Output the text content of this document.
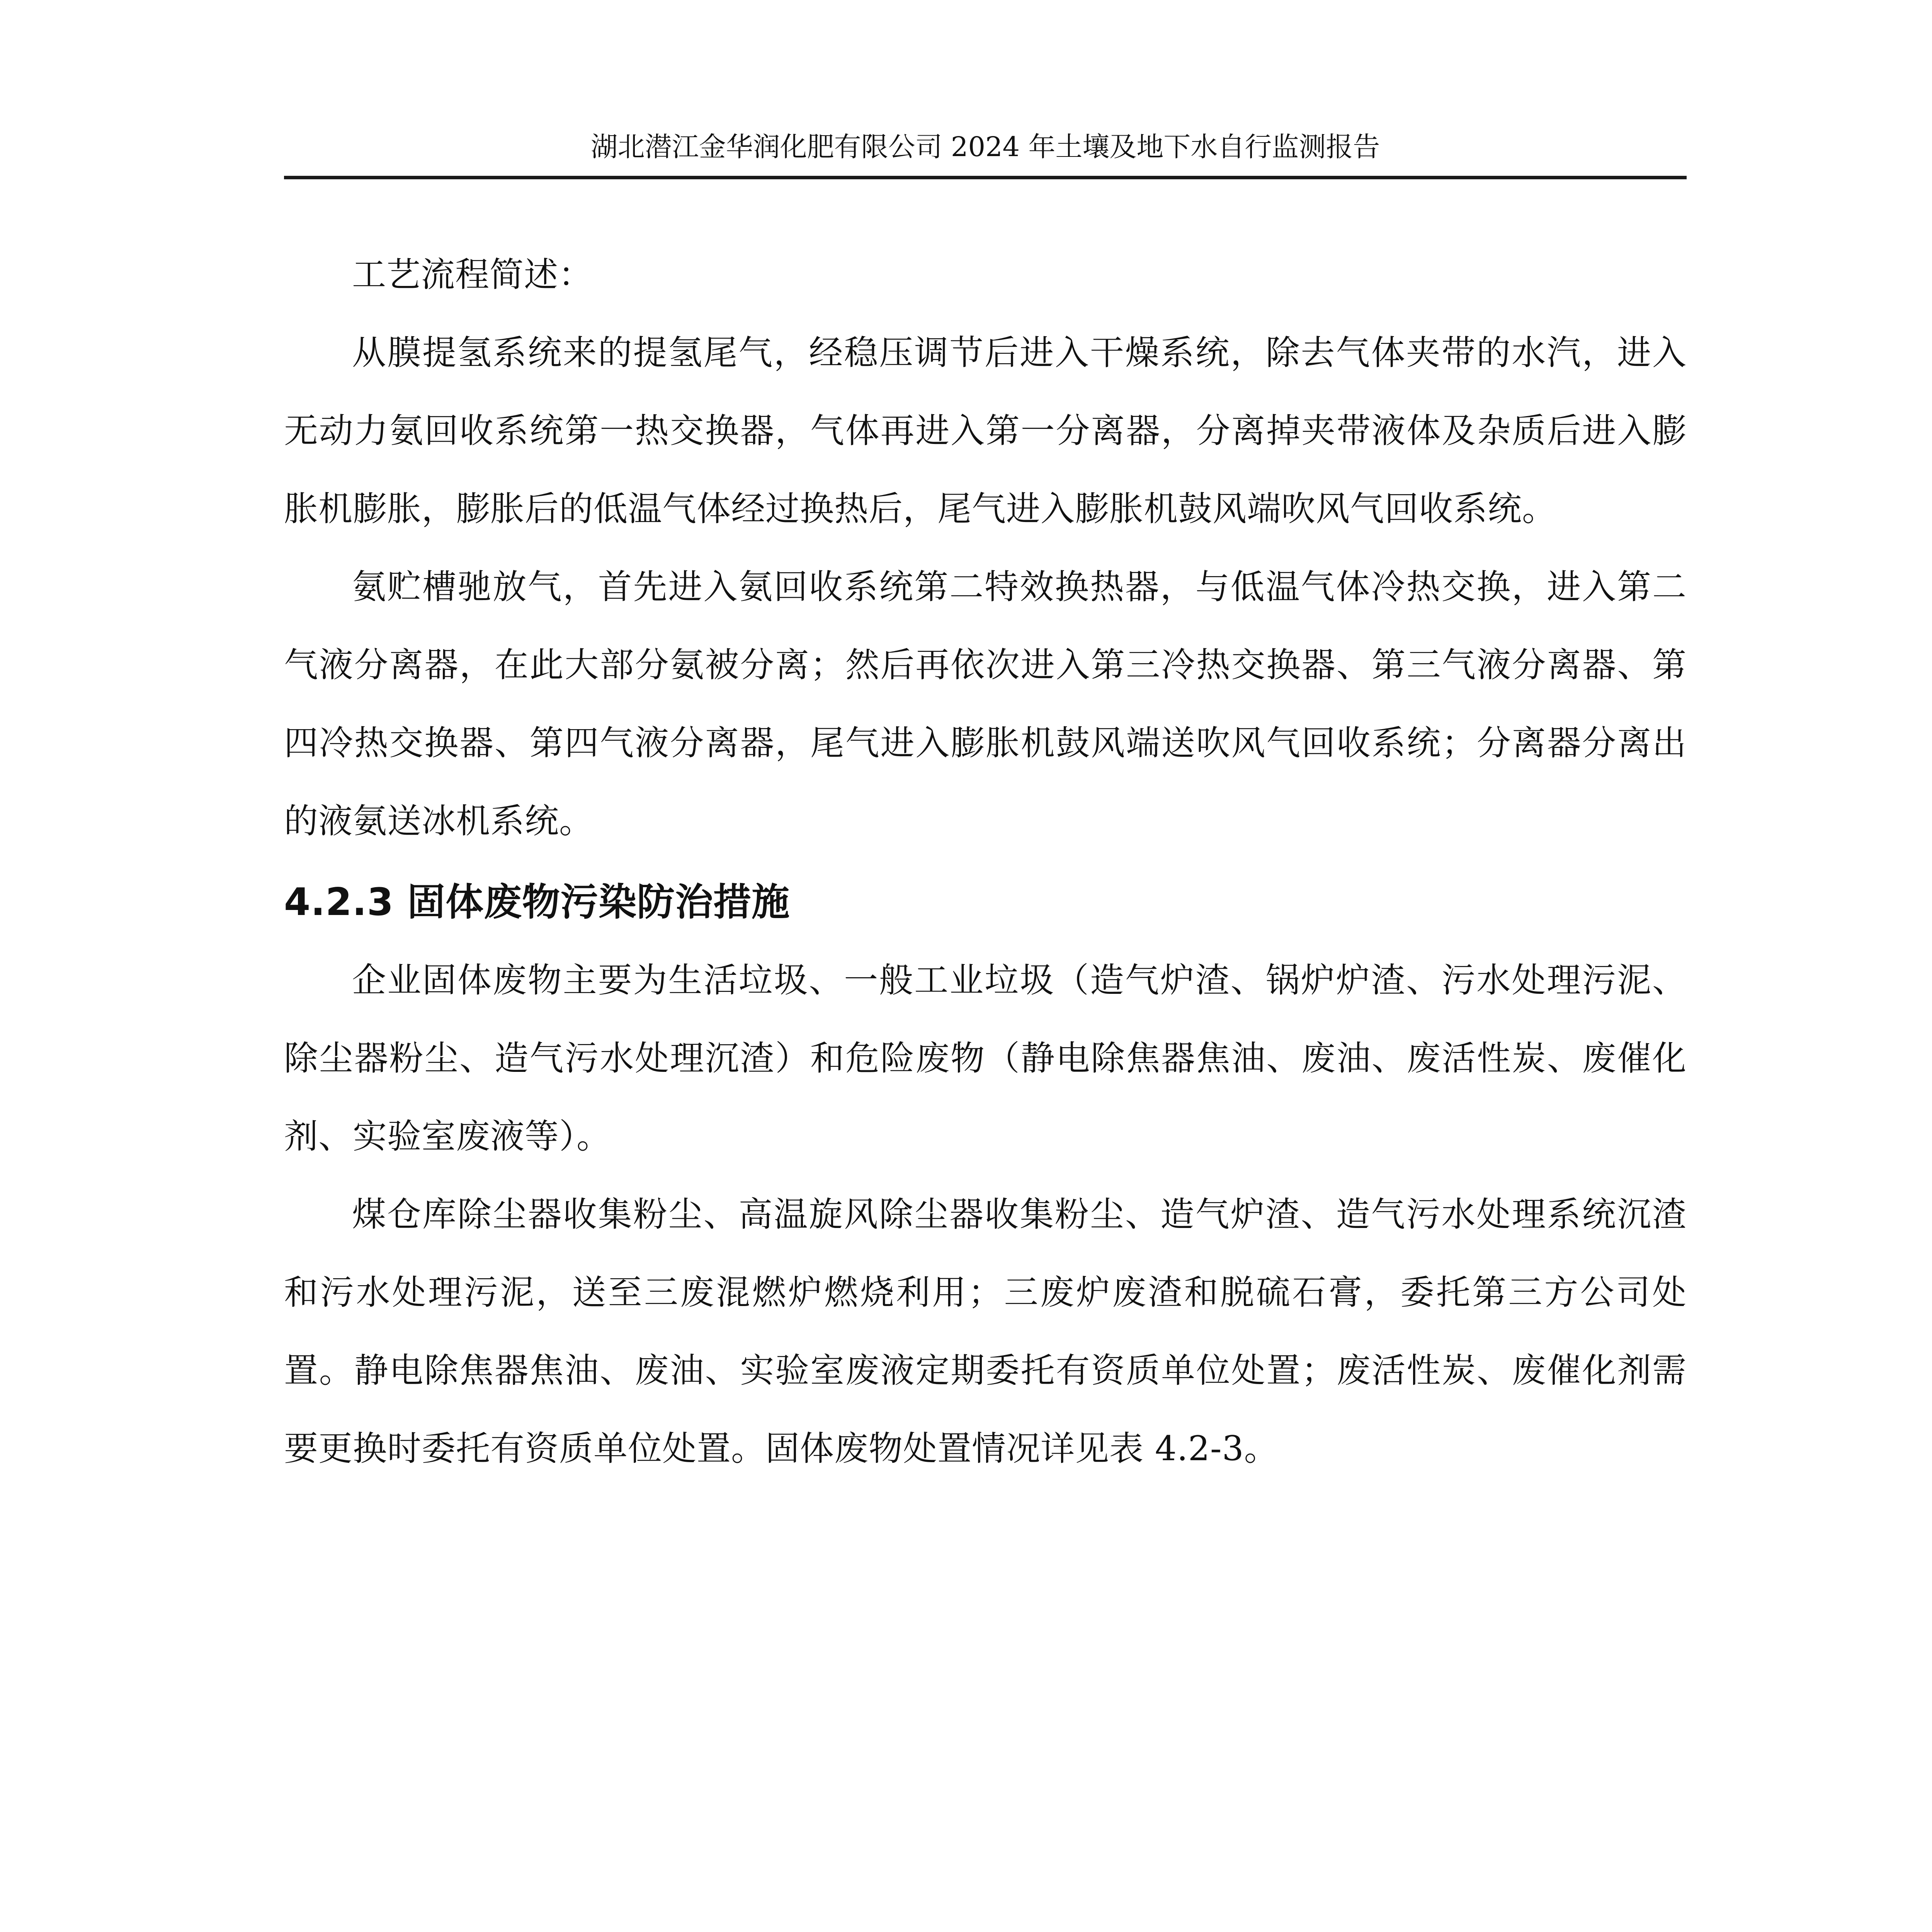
湖北潜江金华润化肥有限公司 2024 年土壤及地下水自行监测报告

工艺流程简述：

从膜提氢系统来的提氢尾气，经稳压调节后进入干燥系统，除去气体夹带的水汽，进入无动力氨回收系统第一热交换器，气体再进入第一分离器，分离掉夹带液体及杂质后进入膨胀机膨胀，膨胀后的低温气体经过换热后，尾气进入膨胀机鼓风端吹风气回收系统。

氨贮槽驰放气，首先进入氨回收系统第二特效换热器，与低温气体冷热交换，进入第二气液分离器，在此大部分氨被分离；然后再依次进入第三冷热交换器、第三气液分离器、第四冷热交换器、第四气液分离器，尾气进入膨胀机鼓风端送吹风气回收系统；分离器分离出的液氨送冰机系统。

4.2.3 固体废物污染防治措施

企业固体废物主要为生活垃圾、一般工业垃圾（造气炉渣、锅炉炉渣、污水处理污泥、除尘器粉尘、造气污水处理沉渣）和危险废物（静电除焦器焦油、废油、废活性炭、废催化剂、实验室废液等）。

煤仓库除尘器收集粉尘、高温旋风除尘器收集粉尘、造气炉渣、造气污水处理系统沉渣和污水处理污泥，送至三废混燃炉燃烧利用；三废炉废渣和脱硫石膏，委托第三方公司处置。静电除焦器焦油、废油、实验室废液定期委托有资质单位处置；废活性炭、废催化剂需要更换时委托有资质单位处置。固体废物处置情况详见表 4.2-3。
